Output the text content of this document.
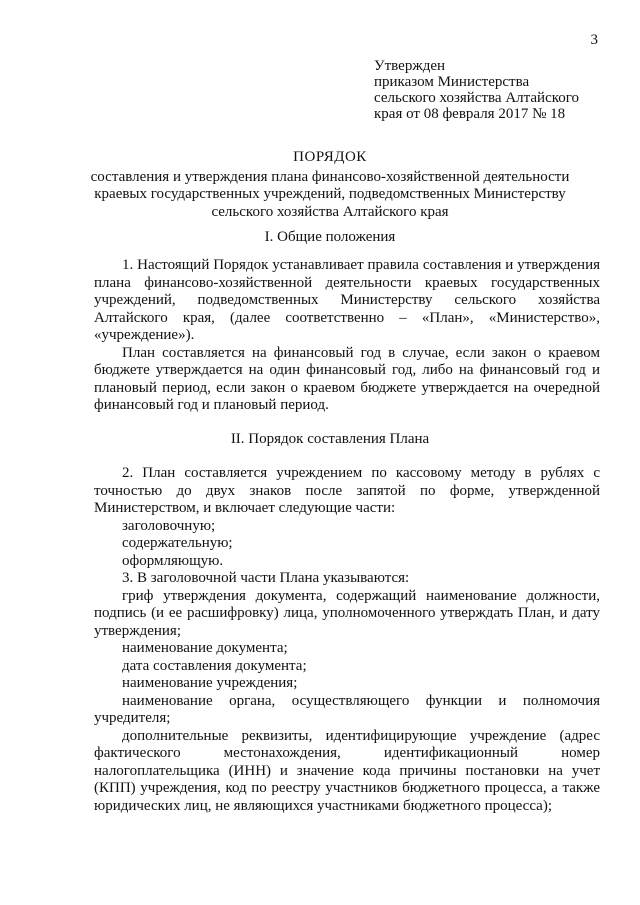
3
Утвержден
приказом Министерства
сельского хозяйства Алтайского
края от 08 февраля 2017 № 18
ПОРЯДОК
составления и утверждения плана финансово-хозяйственной деятельности
краевых государственных учреждений, подведомственных Министерству
сельского хозяйства Алтайского края
I. Общие положения

1. Настоящий Порядок устанавливает правила составления и утверждения плана финансово-хозяйственной деятельности краевых государственных учреждений, подведомственных Министерству сельского хозяйства Алтайского края, (далее соответственно – «План», «Министерство», «учреждение»).

План составляется на финансовый год в случае, если закон о краевом бюджете утверждается на один финансовый год, либо на финансовый год и плановый период, если закон о краевом бюджете утверждается на очередной финансовый год и плановый период.

II. Порядок составления Плана

2. План составляется учреждением по кассовому методу в рублях с точностью до двух знаков после запятой по форме, утвержденной Министерством, и включает следующие части:

заголовочную;

содержательную;

оформляющую.

3. В заголовочной части Плана указываются:

гриф утверждения документа, содержащий наименование должности, подпись (и ее расшифровку) лица, уполномоченного утверждать План, и дату утверждения;

наименование документа;

дата составления документа;

наименование учреждения;

наименование органа, осуществляющего функции и полномочия учредителя;

дополнительные реквизиты, идентифицирующие учреждение (адрес фактического местонахождения, идентификационный номер налогоплательщика (ИНН) и значение кода причины постановки на учет (КПП) учреждения, код по реестру участников бюджетного процесса, а также юридических лиц, не являющихся участниками бюджетного процесса);
